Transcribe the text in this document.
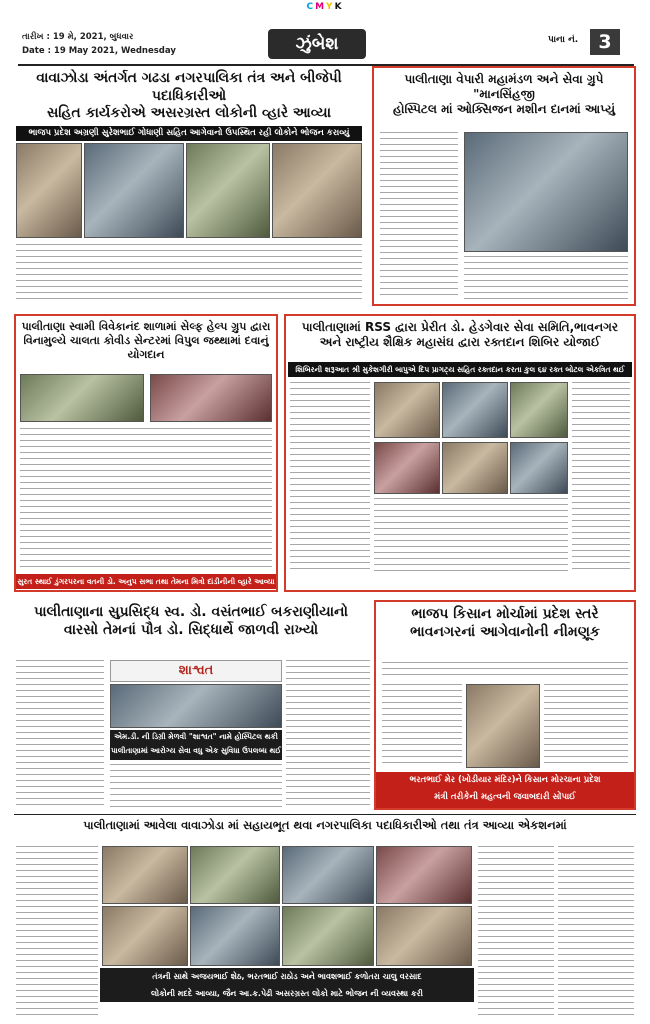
CMYK
તારીખ : 19 મે, 2021, બુધવાર
Date : 19 May 2021, Wednesday	ઝુંબેશ	પાના નં.	3
વાવાઝોડા અંતર્ગત ગઢડા નગરપાલિકા તંત્ર અને બીજેપી પદાધિકારીઓ
સહિત કાર્યકરોએ અસરગ્રસ્ત લોકોની વ્હારે આવ્યા
ભાજપ પ્રદેશ અગ્રણી સુરેશભાઈ ગોધાણી સહિત આગેવાનો ઉપસ્થિત રહી લોકોને ભોજન કરાવ્યું
પાલીતાણા વેપારી મહામંડળ અને સેવા ગ્રુપે "માનસિંહજી
હોસ્પિટલ માં ઓક્સિજન મશીન દાનમાં આપ્યું
પાલીતાણા સ્વામી વિવેકાનંદ શાળામાં સેલ્ફ હેલ્પ ગ્રુપ દ્વારા
વિનામુલ્યે ચાલતા કોવીડ સેન્ટરમાં વિપુલ જથ્થામાં દવાનું યોગદાન
સુરત સ્થાઈ ડુંગરપરના વતની ડો. અનુપ સભા તથા તેમના મિત્રો દાંડીનીની વ્હારે આવ્યા
પાલીતાણામાં RSS દ્વારા પ્રેરીત ડો. હેડગેવાર સેવા સમિતિ,ભાવનગર
અને રાષ્ટ્રીય શૈક્ષિક મહાસંઘ દ્વારા રક્તદાન શિબિર યોજાઈ
શિબિરની શરૂઆત શ્રી મુકેશગીરી બાપુએ દિપ પ્રાગટ્ય સહિત રક્તદાન કરતા કુલ ૬૪ રક્ત બોટલ એકત્રિત થઈ
પાલીતાણાના સુપ્રસિદ્ધ સ્વ. ડો. વસંતભાઈ બકરાણીયાનો
વારસો તેમનાં પૌત્ર ડો. સિદ્ધાર્થે જાળવી રાખ્યો
શાશ્વત
એમ.ડી. ની ડિગ્રી મેળવી "શાશ્વત" નામે હોસ્પિટલ થકી
પાલીતાણામાં આરોગ્ય સેવા વધુ એક સુવિધા ઉપલબ્ધ થઈ
ભાજપ કિસાન મોર્ચામાં પ્રદેશ સ્તરે
ભાવનગરનાં આગેવાનોની નીમણૂક
ભરતભાઈ મેર (ખોડીયાર મંદિર)ને કિસાન મોરચાના પ્રદેશ
મંત્રી તરીકેની મહત્વની જવાબદારી સોંપાઈ
પાલીતાણામાં આવેલા વાવાઝોડા માં સહાયભૂત થવા નગરપાલિકા પદાધિકારીઓ તથા તંત્ર આવ્યા એકશનમાં
તંત્રની સાથે અજયભાઈ શેઠ, ભરતભાઈ રાઠોડ અને ભાવશભાઈ કળોતરા ચાલુ વરસાદ
લોકોની મદદે આવ્યા, જૈન આ.ક.પેઢી અસરગ્રસ્ત લોકો માટે ભોજન ની વ્યવસ્થા કરી
